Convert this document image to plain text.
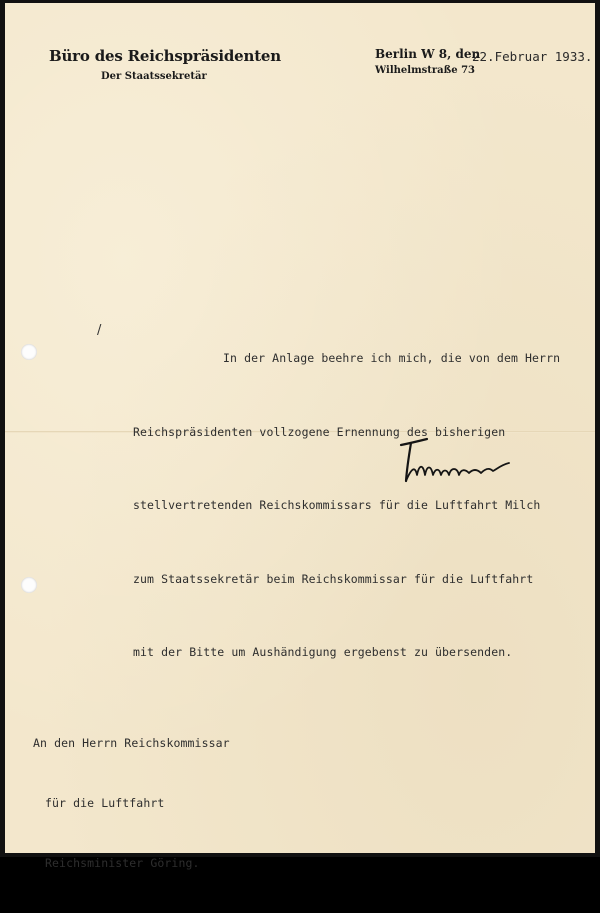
Büro des Reichspräsidenten
Der Staatssekretär
Berlin W 8, den
Wilhelmstraße 73
22.Februar 1933.
/

In der Anlage beehre ich mich, die von dem Herrn

Reichspräsidenten vollzogene Ernennung des bisherigen

stellvertretenden Reichskommissars für die Luftfahrt Milch

zum Staatssekretär beim Reichskommissar für die Luftfahrt

mit der Bitte um Aushändigung ergebenst zu übersenden.

An den Herrn Reichskommissar

für die Luftfahrt

Reichsminister Göring.
